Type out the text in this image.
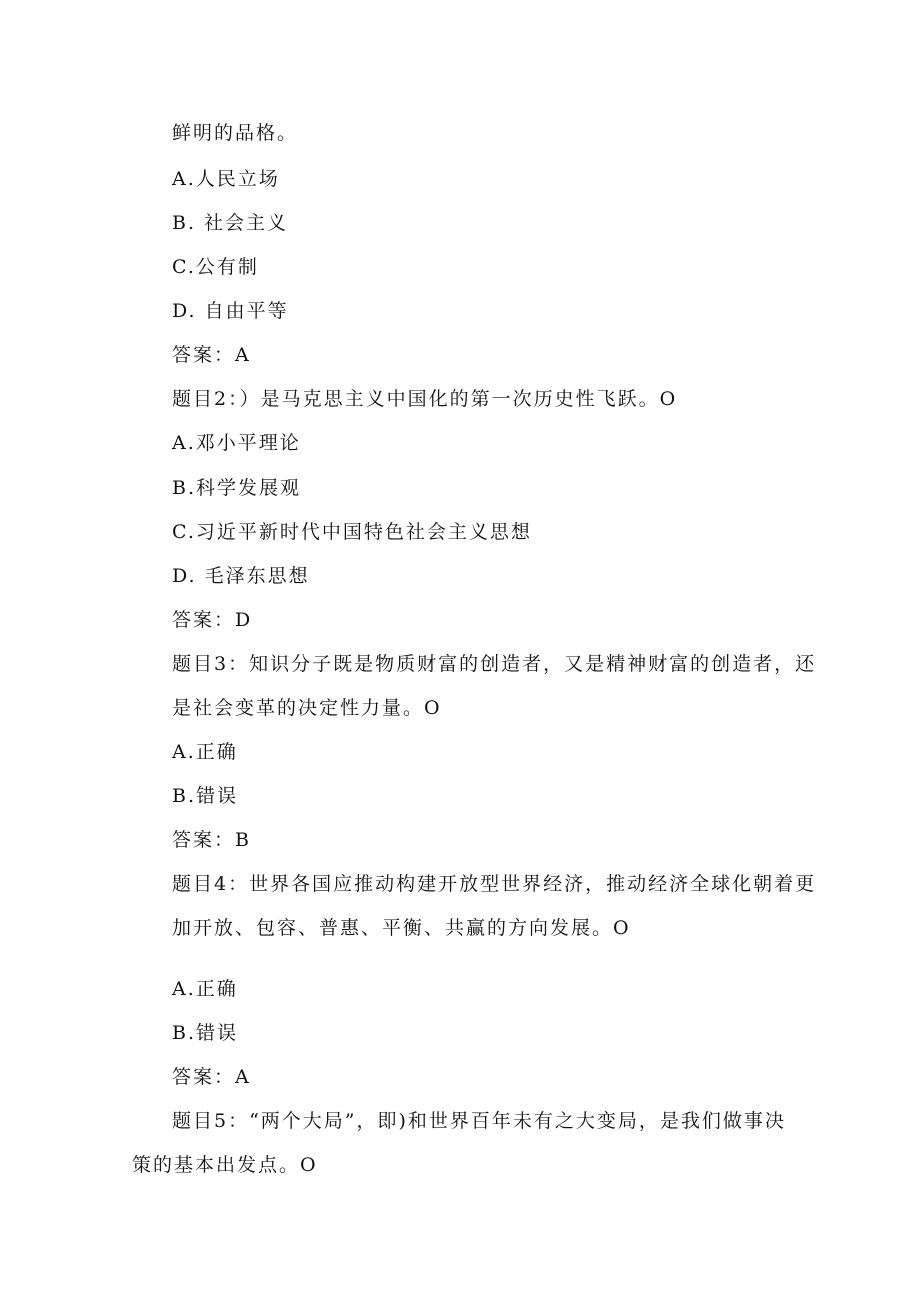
鲜明的品格。
A.人民立场
B. 社会主义
C.公有制
D. 自由平等
答案：A
题目2：）是马克思主义中国化的第一次历史性飞跃。O
A.邓小平理论
B.科学发展观
C.习近平新时代中国特色社会主义思想
D. 毛泽东思想
答案：D
题目3：知识分子既是物质财富的创造者，又是精神财富的创造者，还
是社会变革的决定性力量。O
A.正确
B.错误
答案：B
题目4：世界各国应推动构建开放型世界经济，推动经济全球化朝着更
加开放、包容、普惠、平衡、共赢的方向发展。O
A.正确
B.错误
答案：A
题目5：“两个大局”，即)和世界百年未有之大变局，是我们做事决
策的基本出发点。O
